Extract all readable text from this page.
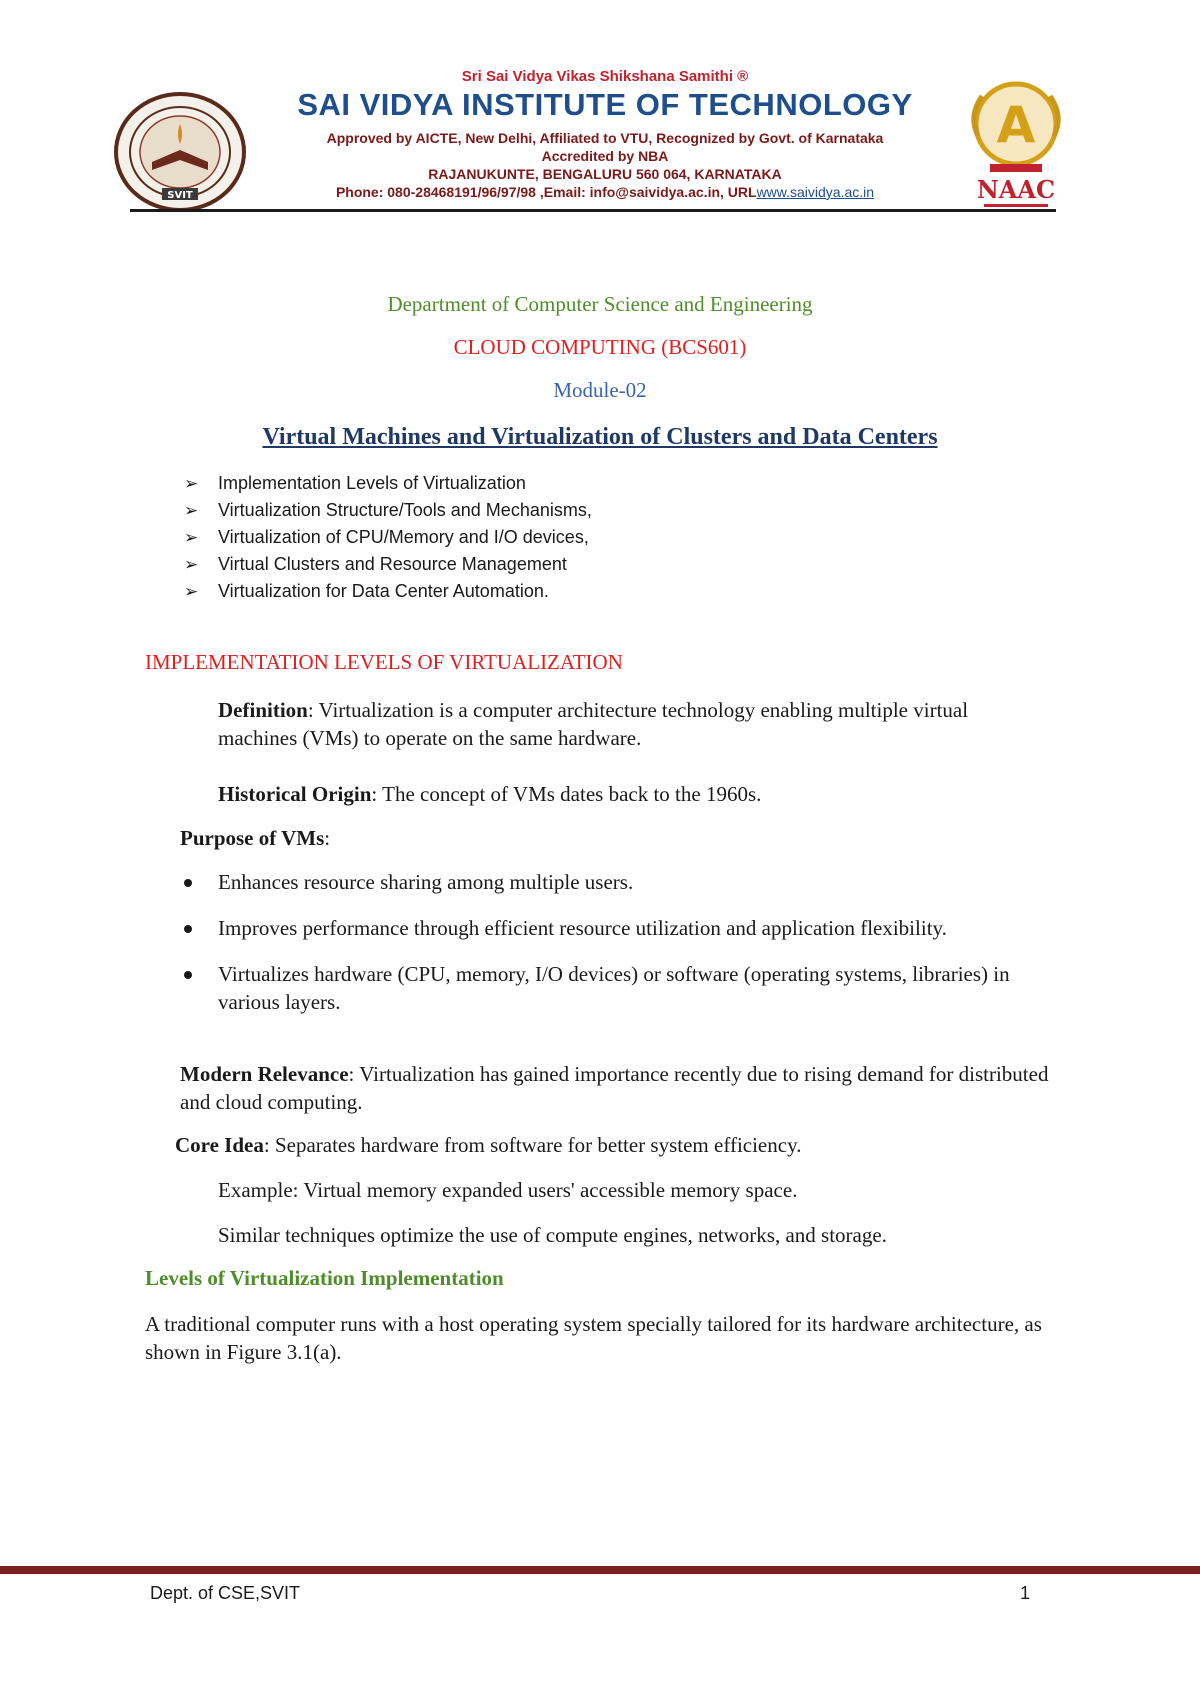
SVIT
Sri Sai Vidya Vikas Shikshana Samithi ®
SAI VIDYA INSTITUTE OF TECHNOLOGY
Approved by AICTE, New Delhi, Affiliated to VTU, Recognized by Govt. of Karnataka
Accredited by NBA
RAJANUKUNTE, BENGALURU 560 064, KARNATAKA
Phone: 080-28468191/96/97/98 ,Email: info@saividya.ac.in, URLwww.saividya.ac.in
A
NAAC
Department of Computer Science and Engineering
CLOUD COMPUTING (BCS601)
Module-02
Virtual Machines and Virtualization of Clusters and Data Centers
➢ Implementation Levels of Virtualization
➢ Virtualization Structure/Tools and Mechanisms,
➢ Virtualization of CPU/Memory and I/O devices,
➢ Virtual Clusters and Resource Management
➢ Virtualization for Data Center Automation.
IMPLEMENTATION LEVELS OF VIRTUALIZATION
Definition: Virtualization is a computer architecture technology enabling multiple virtual machines (VMs) to operate on the same hardware.
Historical Origin: The concept of VMs dates back to the 1960s.
Purpose of VMs:
Enhances resource sharing among multiple users.
Improves performance through efficient resource utilization and application flexibility.
Virtualizes hardware (CPU, memory, I/O devices) or software (operating systems, libraries) in various layers.
Modern Relevance: Virtualization has gained importance recently due to rising demand for distributed and cloud computing.
Core Idea: Separates hardware from software for better system efficiency.
Example: Virtual memory expanded users' accessible memory space.
Similar techniques optimize the use of compute engines, networks, and storage.
Levels of Virtualization Implementation
A traditional computer runs with a host operating system specially tailored for its hardware architecture, as shown in Figure 3.1(a).
Dept. of CSE,SVIT	1
